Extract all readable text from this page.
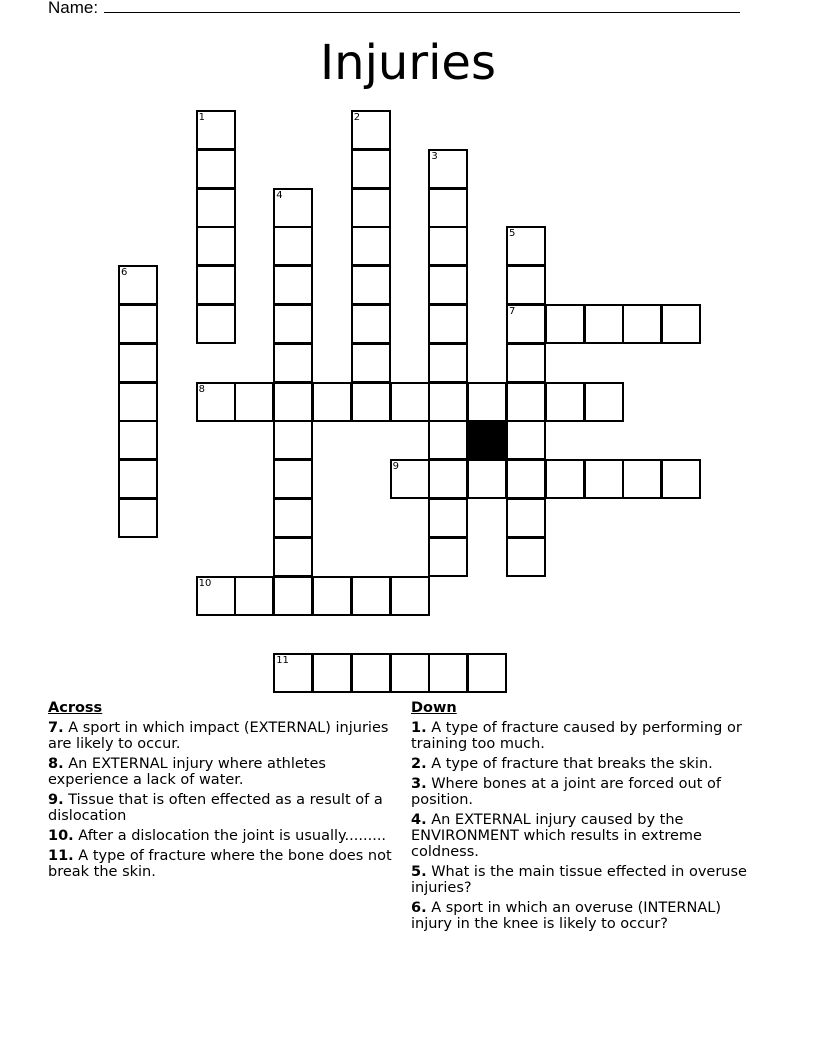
Name:
Injuries
1	2
3
4
5
6
7
8
9
10
11
Across
7. A sport in which impact (EXTERNAL) injuries are likely to occur.
8. An EXTERNAL injury where athletes experience a lack of water.
9. Tissue that is often effected as a result of a dislocation
10. After a dislocation the joint is usually.........
11. A type of fracture where the bone does not break the skin.
Down
1. A type of fracture caused by performing or training too much.
2. A type of fracture that breaks the skin.
3. Where bones at a joint are forced out of position.
4. An EXTERNAL injury caused by the ENVIRONMENT which results in extreme coldness.
5. What is the main tissue effected in overuse injuries?
6. A sport in which an overuse (INTERNAL) injury in the knee is likely to occur?
